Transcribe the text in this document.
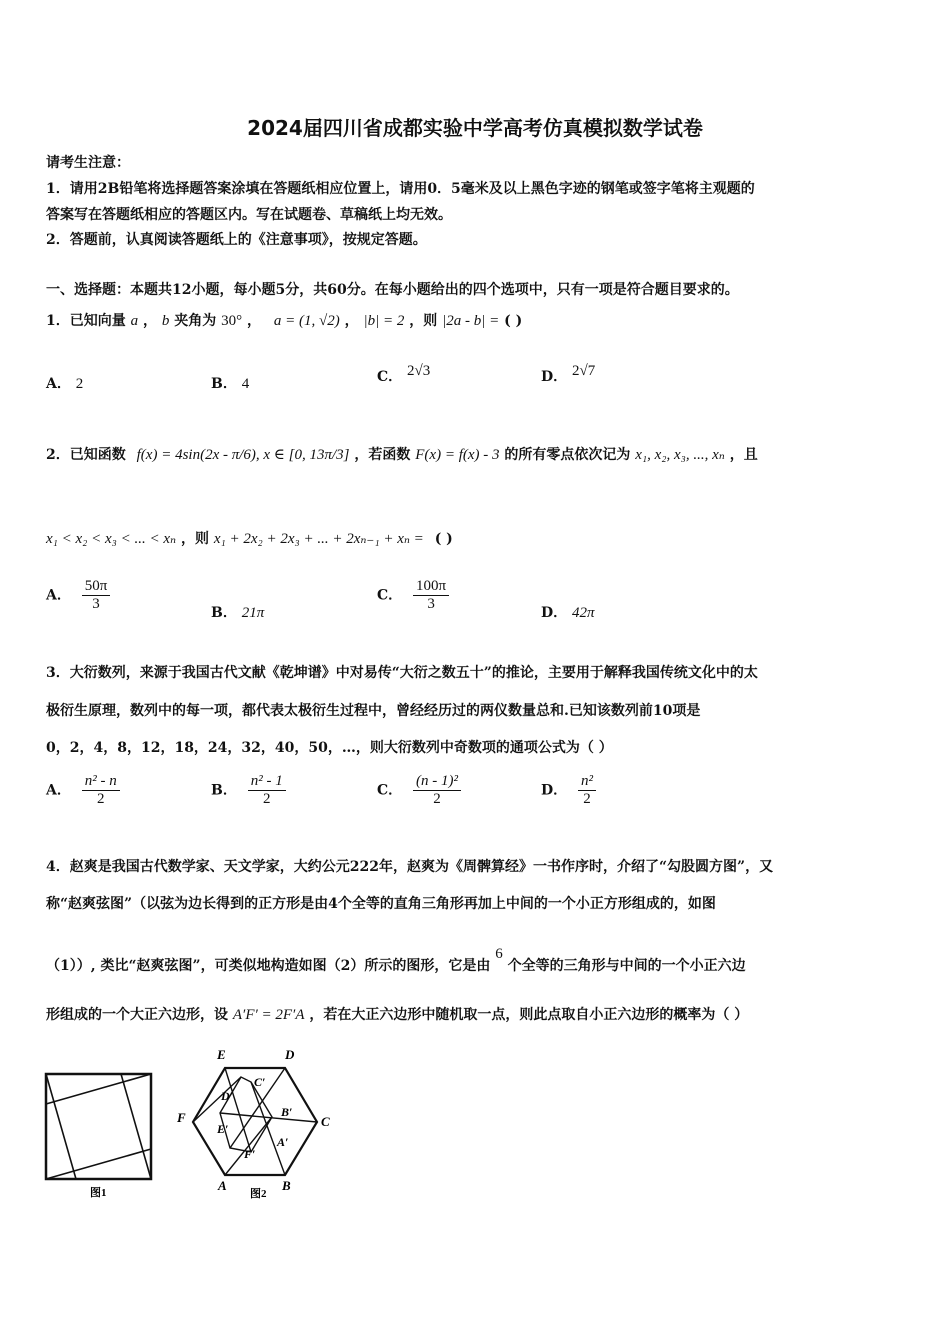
2024届四川省成都实验中学高考仿真模拟数学试卷
请考生注意：
1．请用2B铅笔将选择题答案涂填在答题纸相应位置上，请用0．5毫米及以上黑色字迹的钢笔或签字笔将主观题的
答案写在答题纸相应的答题区内。写在试题卷、草稿纸上均无效。
2．答题前，认真阅读答题纸上的《注意事项》，按规定答题。
一、选择题：本题共12小题，每小题5分，共60分。在每小题给出的四个选项中，只有一项是符合题目要求的。
1．已知向量 a ， b 夹角为 30° ， a = (1, √2) ， |b| = 2 ，则 |2a - b| = ( )
A． 2	B． 4	C． 2√3	D． 2√7
2．已知函数 f(x) = 4sin(2x - π/6), x ∈ [0, 13π/3] ，若函数 F(x) = f(x) - 3 的所有零点依次记为 x₁, x₂, x₃, ..., xₙ ，且
x₁ < x₂ < x₃ < ... < xₙ ，则 x₁ + 2x₂ + 2x₃ + ... + 2xₙ₋₁ + xₙ = ( )
A． $\frac{50\pi}{3}$	B． 21π
C． $\frac{100\pi}{3}$	D． 42π
3．大衍数列，来源于我国古代文献《乾坤谱》中对易传“大衍之数五十”的推论，主要用于解释我国传统文化中的太
极衍生原理，数列中的每一项，都代表太极衍生过程中，曾经经历过的两仪数量总和.已知该数列前10项是
0，2，4，8，12，18，24，32，40，50，…，则大衍数列中奇数项的通项公式为（ ）
A． $\frac{\text{n² - n}}{2}$	B． $\frac{\text{n² - 1}}{2}$	C． $\frac{\text{(n - 1)²}}{2}$	D． $\frac{\text{n²}}{2}$
4．赵爽是我国古代数学家、天文学家，大约公元222年，赵爽为《周髀算经》一书作序时，介绍了“勾股圆方图”，又
称“赵爽弦图”（以弦为边长得到的正方形是由4个全等的直角三角形再加上中间的一个小正方形组成的，如图
（1））, 类比“赵爽弦图”，可类似地构造如图（2）所示的图形，它是由 6 个全等的三角形与中间的一个小正六边
形组成的一个大正六边形，设 A′F′ = 2F′A ，若在大正六边形中随机取一点，则此点取自小正六边形的概率为（ ）
图1	A	B
C
D
E
F
A′
B′
C′
D′
E′
F′
图2
